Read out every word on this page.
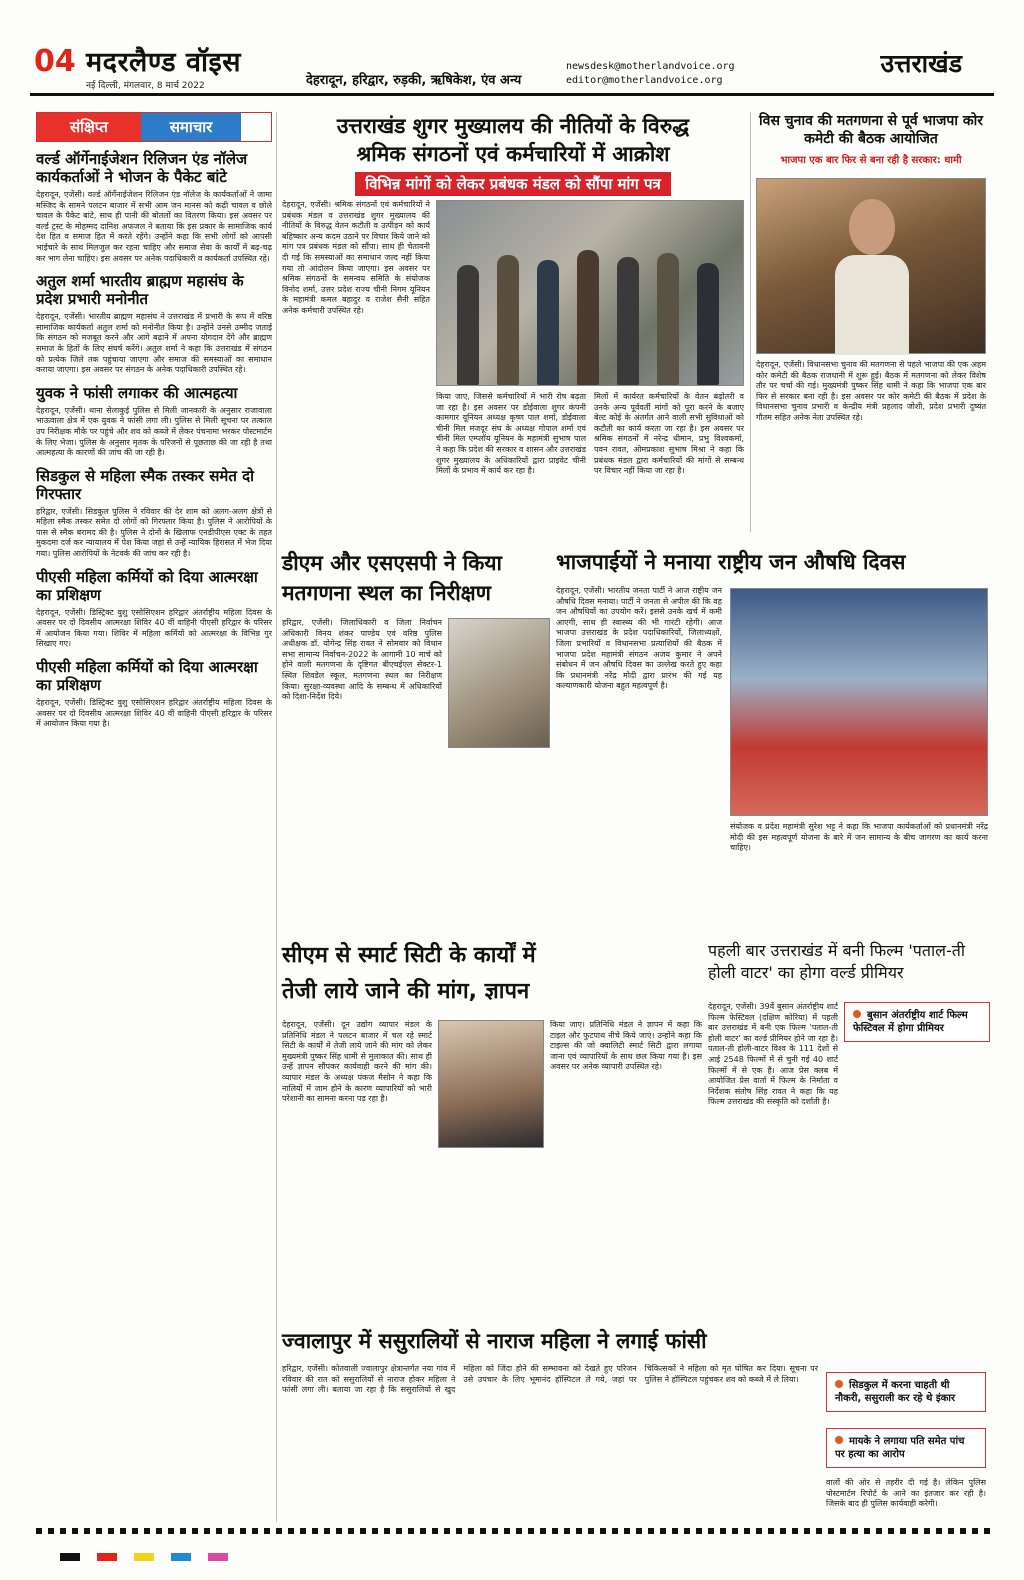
04 मदरलैण्ड वॉइस
नई दिल्ली, मंगलवार, 8 मार्च 2022	देहरादून, हरिद्वार, रुड़की, ऋषिकेश, एंव अन्य
newsdesk@motherlandvoice.org
editor@motherlandvoice.org
उत्तराखंड
संक्षिप्त	समाचार
वर्ल्ड ऑर्गेनाईजेशन रिलिजन एंड नॉलेज कार्यकर्ताओं ने भोजन के पैकेट बांटे
देहरादून, एजेंसी। वर्ल्ड ऑर्गेनाईजेशन रिलिजन एंड नॉलेज के कार्यकर्ताओं ने जामा मस्जिद के सामने पलटन बाजार में सभी आम जन मानस को कढ़ी चावल व छोले चावल के पैकेट बांटे, साथ ही पानी की बोतलों का वितरण किया। इस अवसर पर वर्ल्ड ट्रस्ट के मोहम्मद दानिश अफजल ने बताया कि इस प्रकार के सामाजिक कार्य देश हित व समाज हित में करते रहेंगे। उन्होंने कहा कि सभी लोगों को आपसी भाईचारे के साथ मिलजुल कर रहना चाहिए और समाज सेवा के कार्यों में बढ़-चढ़ कर भाग लेना चाहिए। इस अवसर पर अनेक पदाधिकारी व कार्यकर्ता उपस्थित रहे।
अतुल शर्मा भारतीय ब्राह्मण महासंघ के प्रदेश प्रभारी मनोनीत
देहरादून, एजेंसी। भारतीय ब्राह्मण महासंघ ने उत्तराखंड में प्रभारी के रूप में वरिष्ठ सामाजिक कार्यकर्ता अतुल शर्मा को मनोनीत किया है। उन्होंने उनसे उम्मीद जताई कि संगठन को मजबूत करने और आगे बढ़ाने में अपना योगदान देंगे और ब्राह्मण समाज के हितों के लिए संघर्ष करेंगे। अतुल शर्मा ने कहा कि उत्तराखंड में संगठन को प्रत्येक जिले तक पहुंचाया जाएगा और समाज की समस्याओं का समाधान कराया जाएगा। इस अवसर पर संगठन के अनेक पदाधिकारी उपस्थित रहे।
युवक ने फांसी लगाकर की आत्महत्या
देहरादून, एजेंसी। थाना सेलाकुई पुलिस से मिली जानकारी के अनुसार राजावाला भाऊवाला क्षेत्र में एक युवक ने फांसी लगा ली। पुलिस से मिली सूचना पर तत्काल उप निरीक्षक मौके पर पहुंचे और शव को कब्जे में लेकर पंचनामा भरकर पोस्टमार्टम के लिए भेजा। पुलिस के अनुसार मृतक के परिजनों से पूछताछ की जा रही है तथा आत्महत्या के कारणों की जांच की जा रही है।
सिडकुल से महिला स्मैक तस्कर समेत दो गिरफ्तार
हरिद्वार, एजेंसी। सिडकुल पुलिस ने रविवार की देर शाम को अलग-अलग क्षेत्रों से महिला स्मैक तस्कर समेत दो लोगों को गिरफ्तार किया है। पुलिस ने आरोपियों के पास से स्मैक बरामद की है। पुलिस ने दोनों के खिलाफ एनडीपीएस एक्ट के तहत मुकदमा दर्ज कर न्यायालय में पेश किया जहां से उन्हें न्यायिक हिरासत में भेज दिया गया। पुलिस आरोपियों के नेटवर्क की जांच कर रही है।
पीएसी महिला कर्मियों को दिया आत्मरक्षा का प्रशिक्षण
देहरादून, एजेंसी। डिस्ट्रिक्ट वुशु एसोसिएशन हरिद्वार अंतर्राष्ट्रीय महिला दिवस के अवसर पर दो दिवसीय आत्मरक्षा शिविर 40 वीं वाहिनी पीएसी हरिद्वार के परिसर में आयोजन किया गया। शिविर में महिला कर्मियों को आत्मरक्षा के विभिन्न गुर सिखाए गए।
पीएसी महिला कर्मियों को दिया आत्मरक्षा का प्रशिक्षण
देहरादून, एजेंसी। डिस्ट्रिक्ट वुशु एसोसिएशन हरिद्वार अंतर्राष्ट्रीय महिला दिवस के अवसर पर दो दिवसीय आत्मरक्षा शिविर 40 वीं वाहिनी पीएसी हरिद्वार के परिसर में आयोजन किया गया है।
उत्तराखंड शुगर मुख्यालय की नीतियों के विरुद्ध
श्रमिक संगठनों एवं कर्मचारियों में आक्रोश
विभिन्न मांगों को लेकर प्रबंधक मंडल को सौंपा मांग पत्र
देहरादून, एजेंसी। श्रमिक संगठनों एवं कर्मचारियों ने प्रबंधक मंडल व उत्तराखंड शुगर मुख्यालय की नीतियों के विरुद्ध वेतन कटौती व उत्पीड़न को कार्य बहिष्कार अन्य कदम उठाने पर विचार किये जाने को मांग पत्र प्रबंधक मंडल को सौंपा। साथ ही चेतावनी दी गई कि समस्याओं का समाधान जल्द नहीं किया गया तो आंदोलन किया जाएगा। इस अवसर पर श्रमिक संगठनों के समन्वय समिति के संयोजक विनोद शर्मा, उत्तर प्रदेश राज्य चीनी निगम यूनियन के महामंत्री कमल बहादुर व राजेश सैनी सहित अनेक कर्मचारी उपस्थित रहे।
किया जाए, जिससे कर्मचारियों में भारी रोष बढ़ता जा रहा है। इस अवसर पर डोईवाला शुगर कंपनी कामगार यूनियन अध्यक्ष कृष्ण पाल शर्मा, डोईवाला चीनी मिल मजदूर संघ के अध्यक्ष गोपाल शर्मा एवं चीनी मिल एम्प्लॉय यूनियन के महामंत्री सुभाष पाल ने कहा कि प्रदेश की सरकार व शासन और उत्तराखंड शुगर मुख्यालय के अधिकारियों द्वारा प्राइवेट चीनी मिलों के प्रभाव में कार्य कर रहा है।
मिलों में कार्यरत कर्मचारियों के वेतन बढ़ोतरी व उनके अन्य पूर्ववर्ती मांगों को पूरा करने के बजाए बेल्ट कोई के अंतर्गत आने वाली सभी सुविधाओं को कटौती का कार्य करता जा रहा है। इस अवसर पर श्रमिक संगठनों में नरेन्द्र धीमान, प्रभु विश्वकर्मा, पवन रावत, ओमप्रकाश सुभाष मिश्रा ने कहा कि प्रबंधक मंडल द्वारा कर्मचारियों की मांगों से सम्बन्ध पर विचार नहीं किया जा रहा है।
विस चुनाव की मतगणना से पूर्व भाजपा कोर कमेटी की बैठक आयोजित
भाजपा एक बार फिर से बना रही है सरकार: धामी
देहरादून, एजेंसी। विधानसभा चुनाव की मतगणना से पहले भाजपा की एक अहम कोर कमेटी की बैठक राजधानी में शुरू हुई। बैठक में मतगणना को लेकर विशेष तौर पर चर्चा की गई। मुख्यमंत्री पुष्कर सिंह धामी ने कहा कि भाजपा एक बार फिर से सरकार बना रही है। इस अवसर पर कोर कमेटी की बैठक में प्रदेश के विधानसभा चुनाव प्रभारी व केन्द्रीय मंत्री प्रहलाद जोशी, प्रदेश प्रभारी दुष्यंत गौतम सहित अनेक नेता उपस्थित रहे।
डीएम और एसएसपी ने किया मतगणना स्थल का निरीक्षण
हरिद्वार, एजेंसी। जिलाधिकारी व जिला निर्वाचन अधिकारी विनय शंकर पाण्डेय एवं वरिष्ठ पुलिस अधीक्षक डॉ. योगेन्द्र सिंह रावत ने सोमवार को विधान सभा सामान्य निर्वाचन-2022 के आगामी 10 मार्च को होने वाली मतगणना के दृष्टिगत बीएचईएल सेक्टर-1 स्थित शिवडेल स्कूल, मतगणना स्थल का निरीक्षण किया। सुरक्षा-व्यवस्था आदि के सम्बन्ध में अधिकारियों को दिशा-निर्देश दिये।
भाजपाईयों ने मनाया राष्ट्रीय जन औषधि दिवस
देहरादून, एजेंसी। भारतीय जनता पार्टी ने आज राष्ट्रीय जन औषधि दिवस मनाया। पार्टी ने जनता से अपील की कि वह जन औषधियों का उपयोग करें। इससे उनके खर्च में कमी आएगी, साथ ही स्वास्थ्य की भी गारंटी रहेगी। आज भाजपा उत्तराखंड के प्रदेश पदाधिकारियों, जिलाध्यक्षों, जिला प्रभारियों व विधानसभा प्रत्याशियों की बैठक में भाजपा प्रदेश महामंत्री संगठन अजय कुमार ने अपने संबोधन में जन औषधि दिवस का उल्लेख करते हुए कहा कि प्रधानमंत्री नरेंद्र मोदी द्वारा प्रारंभ की गई यह कल्याणकारी योजना बहुत महत्वपूर्ण है।
संयोजक व प्रदेश महामंत्री सुरेश भट्ट ने कहा कि भाजपा कार्यकर्ताओं को प्रधानमंत्री नरेंद्र मोदी की इस महत्वपूर्ण योजना के बारे में जन सामान्य के बीच जागरण का कार्य करना चाहिए।
सीएम से स्मार्ट सिटी के कार्यों में
तेजी लाये जाने की मांग, ज्ञापन
देहरादून, एजेंसी। दून उद्योग व्यापार मंडल के प्रतिनिधि मंडल ने पलटन बाजार में चल रहे स्मार्ट सिटी के कार्यों में तेजी लाये जाने की मांग को लेकर मुख्यमंत्री पुष्कर सिंह धामी से मुलाकात की। साथ ही उन्हें ज्ञापन सौंपकर कार्यवाही करने की मांग की। व्यापार मंडल के अध्यक्ष पंकज मैसोन ने कहा कि नालियों में जाम होने के कारण व्यापारियों को भारी परेशानी का सामना करना पड़ रहा है।
किया जाए। प्रतिनिधि मंडल ने ज्ञापन में कहा कि टाइल और फुटपाथ नीचे किये जाएं। उन्होंने कहा कि टाइल्स की जो क्वालिटी स्मार्ट सिटी द्वारा लगाया जाना एवं व्यापारियों के साथ छल किया गया है। इस अवसर पर अनेक व्यापारी उपस्थित रहे।
पहली बार उत्तराखंड में बनी फिल्म 'पताल-ती होली वाटर' का होगा वर्ल्ड प्रीमियर
बुसान अंतर्राष्ट्रीय शार्ट फिल्म फेस्टिवल में होगा प्रीमियर
देहरादून, एजेंसी। 39वें बुसान अंतर्राष्ट्रीय शार्ट फिल्म फेस्टिवल (दक्षिण कोरिया) में पहली बार उत्तराखंड में बनी एक फिल्म 'पताल-ती होली वाटर' का वर्ल्ड प्रीमियर होने जा रहा है। पताल-ती होली-वाटर विश्व के 111 देशों से आई 2548 फिल्मों में से चुनी गई 40 शार्ट फिल्मों में से एक है। आज प्रेस क्लब में आयोजित प्रेस वार्ता में फिल्म के निर्माता व निर्देशक संतोष सिंह रावत ने कहा कि यह फिल्म उत्तराखंड की संस्कृति को दर्शाती है।
ज्वालापुर में ससुरालियों से नाराज महिला ने लगाई फांसी
हरिद्वार, एजेंसी। कोतवाली ज्वालापुर क्षेत्रान्तर्गत नया गांव में रविवार की रात को ससुरालियों से नाराज होकर महिला ने फांसी लगा ली। बताया जा रहा है कि ससुरालियों से खुद महिला को जिंदा होने की सम्भावना को देखते हुए परिजन उसे उपचार के लिए भूमानंद हॉस्पिटल ले गये, जहां पर चिकित्सकों ने महिला को मृत घोषित कर दिया। सूचना पर पुलिस ने हॉस्पिटल पहुंचकर शव को कब्जे में ले लिया।
सिडकुल में करना चाहती थी नौकरी, ससुराली कर रहे थे इंकार
मायके ने लगाया पति समेत पांच पर हत्या का आरोप
वालों की ओर से तहरीर दी गई है। लेकिन पुलिस पोस्टमार्टम रिपोर्ट के आने का इंतजार कर रही है। जिसके बाद ही पुलिस कार्यवाही करेगी।
